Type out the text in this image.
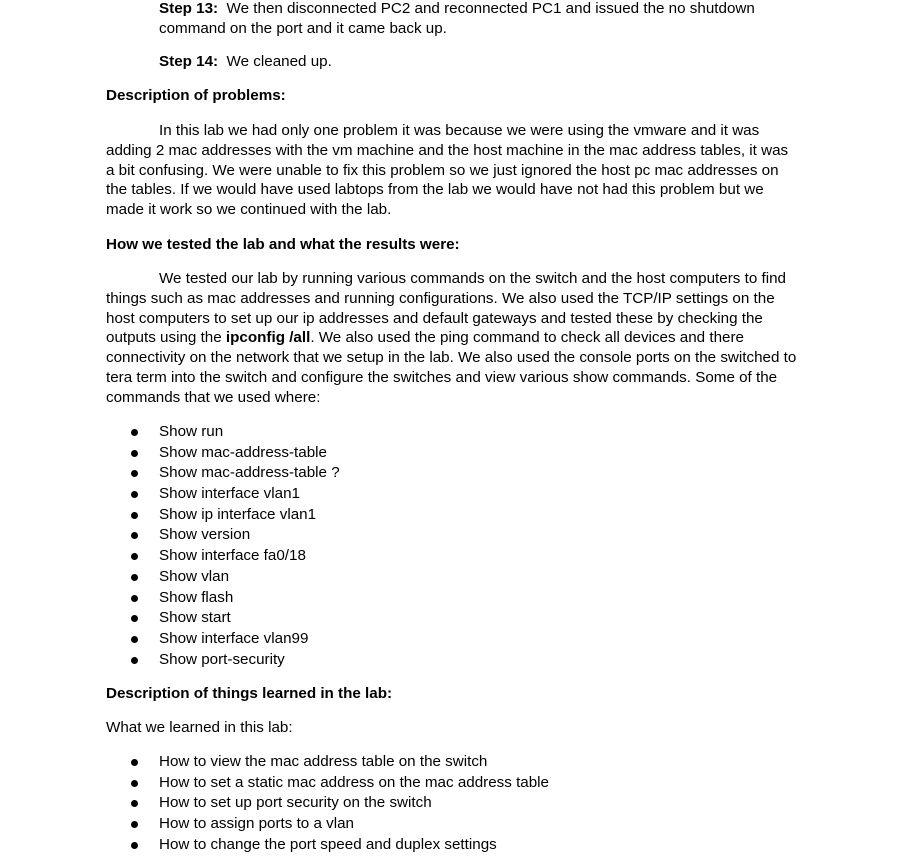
Step 13: We then disconnected PC2 and reconnected PC1 and issued the no shutdown command on the port and it came back up.

Step 14: We cleaned up.

Description of problems:

In this lab we had only one problem it was because we were using the vmware and it was adding 2 mac addresses with the vm machine and the host machine in the mac address tables, it was a bit confusing. We were unable to fix this problem so we just ignored the host pc mac addresses on the tables. If we would have used labtops from the lab we would have not had this problem but we made it work so we continued with the lab.

How we tested the lab and what the results were:

We tested our lab by running various commands on the switch and the host computers to find things such as mac addresses and running configurations. We also used the TCP/IP settings on the host computers to set up our ip addresses and default gateways and tested these by checking the outputs using the ipconfig /all. We also used the ping command to check all devices and there connectivity on the network that we setup in the lab. We also used the console ports on the switched to tera term into the switch and configure the switches and view various show commands. Some of the commands that we used where:

Show run
Show mac-address-table
Show mac-address-table ?
Show interface vlan1
Show ip interface vlan1
Show version
Show interface fa0/18
Show vlan
Show flash
Show start
Show interface vlan99
Show port-security

Description of things learned in the lab:

What we learned in this lab:

How to view the mac address table on the switch
How to set a static mac address on the mac address table
How to set up port security on the switch
How to assign ports to a vlan
How to change the port speed and duplex settings
